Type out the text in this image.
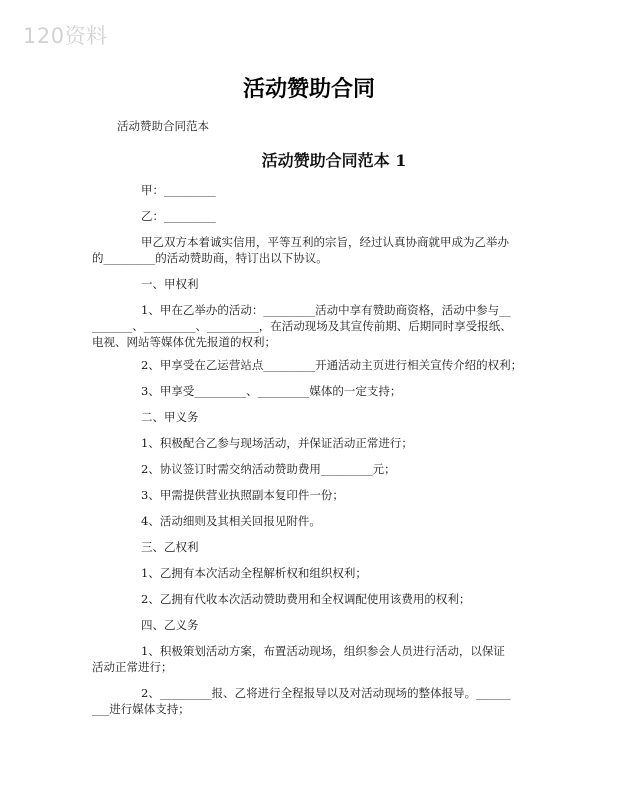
120资料
活动赞助合同
活动赞助合同范本
活动赞助合同范本 1
甲：_________
乙：_________
甲乙双方本着诚实信用，平等互利的宗旨，经过认真协商就甲成为乙举办
的_________的活动赞助商，特订出以下协议。
一、甲权利
1、甲在乙举办的活动：_________活动中享有赞助商资格，活动中参与__
_______、_________、_________，在活动现场及其宣传前期、后期同时享受报纸、
电视、网站等媒体优先报道的权利；
2、甲享受在乙运营站点_________开通活动主页进行相关宣传介绍的权利；
3、甲享受_________、_________媒体的一定支持；
二、甲义务
1、积极配合乙参与现场活动，并保证活动正常进行；
2、协议签订时需交纳活动赞助费用_________元；
3、甲需提供营业执照副本复印件一份；
4、活动细则及其相关回报见附件。
三、乙权利
1、乙拥有本次活动全程解析权和组织权利；
2、乙拥有代收本次活动赞助费用和全权调配使用该费用的权利；
四、乙义务
1、积极策划活动方案，布置活动现场，组织参会人员进行活动，以保证
活动正常进行；
2、_________报、乙将进行全程报导以及对活动现场的整体报导。______
___进行媒体支持；
